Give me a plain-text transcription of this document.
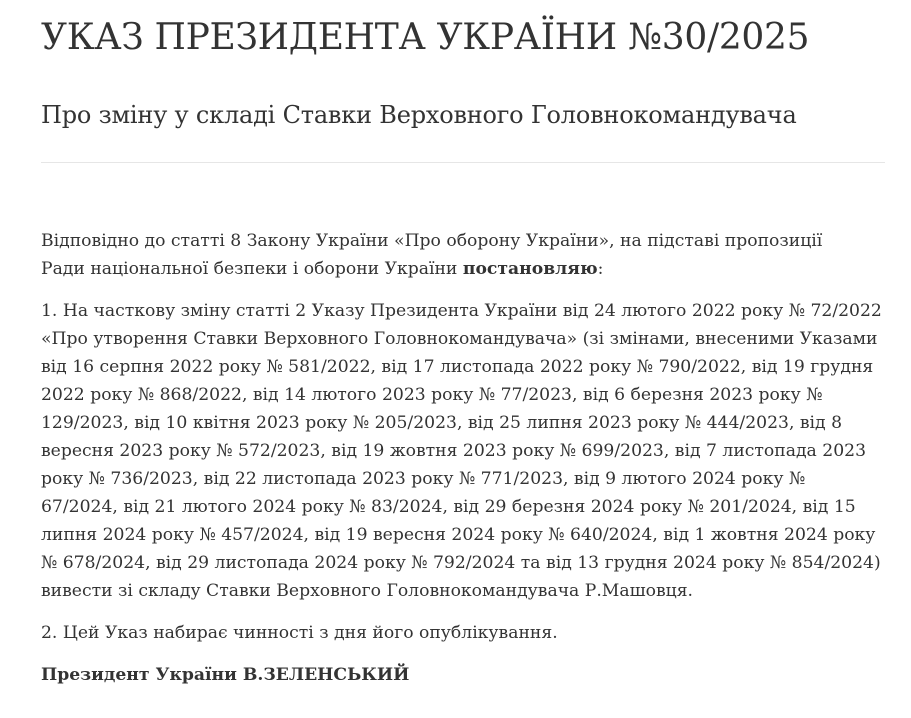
УКАЗ ПРЕЗИДЕНТА УКРАЇНИ №30/2025
Про зміну у складі Ставки Верховного Головнокомандувача

Відповідно до статті 8 Закону України «Про оборону України», на підставі пропозиції Ради національної безпеки і оборони України постановляю:

1. На часткову зміну статті 2 Указу Президента України від 24 лютого 2022 року № 72/2022 «Про утворення Ставки Верховного Головнокомандувача» (зі змінами, внесеними Указами від 16 серпня 2022 року № 581/2022, від 17 листопада 2022 року № 790/2022, від 19 грудня 2022 року № 868/2022, від 14 лютого 2023 року № 77/2023, від 6 березня 2023 року № 129/2023, від 10 квітня 2023 року № 205/2023, від 25 липня 2023 року № 444/2023, від 8 вересня 2023 року № 572/2023, від 19 жовтня 2023 року № 699/2023, від 7 листопада 2023 року № 736/2023, від 22 листопада 2023 року № 771/2023, від 9 лютого 2024 року № 67/2024, від 21 лютого 2024 року № 83/2024, від 29 березня 2024 року № 201/2024, від 15 липня 2024 року № 457/2024, від 19 вересня 2024 року № 640/2024, від 1 жовтня 2024 року № 678/2024, від 29 листопада 2024 року № 792/2024 та від 13 грудня 2024 року № 854/2024) вивести зі складу Ставки Верховного Головнокомандувача Р.Машовця.

2. Цей Указ набирає чинності з дня його опублікування.

Президент України В.ЗЕЛЕНСЬКИЙ
